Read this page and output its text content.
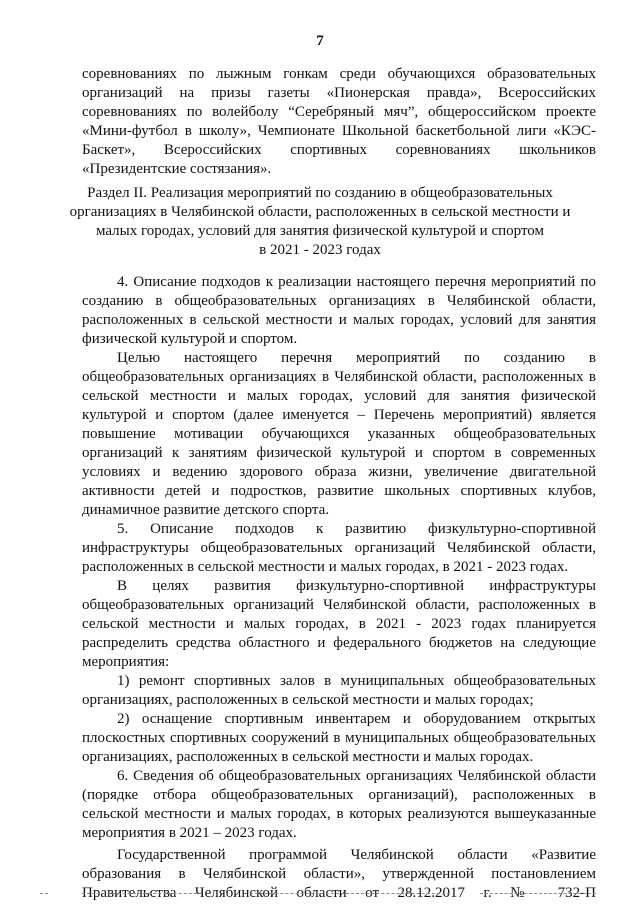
7

соревнованиях по лыжным гонкам среди обучающихся образовательных

организаций на призы газеты «Пионерская правда», Всероссийских

соревнованиях по волейболу “Серебряный мяч”, общероссийском проекте

«Мини-футбол в школу», Чемпионате Школьной баскетбольной лиги «КЭС-

Баскет», Всероссийских спортивных соревнованиях школьников

«Президентские состязания».

Раздел II. Реализация мероприятий по созданию в общеобразовательных

организациях в Челябинской области, расположенных в сельской местности и

малых городах, условий для занятия физической культурой и спортом

в 2021 - 2023 годах

4. Описание подходов к реализации настоящего перечня мероприятий по

созданию в общеобразовательных организациях в Челябинской области,

расположенных в сельской местности и малых городах, условий для занятия

физической культурой и спортом.

Целью настоящего перечня мероприятий по созданию в

общеобразовательных организациях в Челябинской области, расположенных в

сельской местности и малых городах, условий для занятия физической

культурой и спортом (далее именуется – Перечень мероприятий) является

повышение мотивации обучающихся указанных общеобразовательных

организаций к занятиям физической культурой и спортом в современных

условиях и ведению здорового образа жизни, увеличение двигательной

активности детей и подростков, развитие школьных спортивных клубов,

динамичное развитие детского спорта.

5. Описание подходов к развитию физкультурно-спортивной

инфраструктуры общеобразовательных организаций Челябинской области,

расположенных в сельской местности и малых городах, в 2021 - 2023 годах.

В целях развития физкультурно-спортивной инфраструктуры

общеобразовательных организаций Челябинской области, расположенных в

сельской местности и малых городах, в 2021 - 2023 годах планируется

распределить средства областного и федерального бюджетов на следующие

мероприятия:

1) ремонт спортивных залов в муниципальных общеобразовательных

организациях, расположенных в сельской местности и малых городах;

2) оснащение спортивным инвентарем и оборудованием открытых

плоскостных спортивных сооружений в муниципальных общеобразовательных

организациях, расположенных в сельской местности и малых городах.

6. Сведения об общеобразовательных организациях Челябинской области

(порядке отбора общеобразовательных организаций), расположенных в

сельской местности и малых городах, в которых реализуются вышеуказанные

мероприятия в 2021 – 2023 годах.

Государственной программой Челябинской области «Развитие

образования в Челябинской области», утвержденной постановлением

Правительства Челябинской области от 28.12.2017 г. № 732-П
